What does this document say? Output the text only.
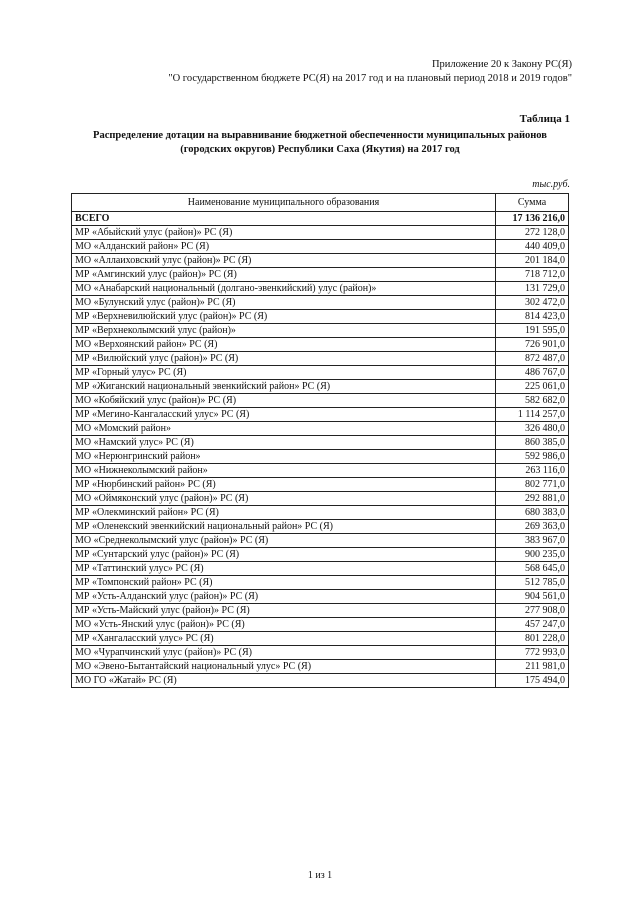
Приложение 20 к Закону РС(Я)
"О государственном бюджете РС(Я) на 2017 год и на плановый период 2018 и 2019 годов"
Таблица 1
Распределение дотации на выравнивание бюджетной обеспеченности муниципальных районов
(городских округов) Республики Саха (Якутия) на 2017 год
тыс.руб.
Наименование муниципального образования	Сумма
ВСЕГО	17 136 216,0
МР «Абыйский улус (район)» РС (Я)	272 128,0
МО «Алданский район» РС (Я)	440 409,0
МО «Аллаиховский улус (район)» РС (Я)	201 184,0
МР «Амгинский улус (район)» РС (Я)	718 712,0
МО «Анабарский национальный (долгано-эвенкийский) улус (район)»	131 729,0
МО «Булунский улус (район)» РС (Я)	302 472,0
МР «Верхневилюйский улус (район)» РС (Я)	814 423,0
МР «Верхнеколымский улус (район)»	191 595,0
МО «Верхоянский район» РС (Я)	726 901,0
МР «Вилюйский улус (район)» РС (Я)	872 487,0
МР «Горный улус» РС (Я)	486 767,0
МР «Жиганский национальный эвенкийский район» РС (Я)	225 061,0
МО «Кобяйский улус (район)» РС (Я)	582 682,0
МР «Мегино-Кангаласский улус» РС (Я)	1 114 257,0
МО «Момский район»	326 480,0
МО «Намский улус» РС (Я)	860 385,0
МО «Нерюнгринский район»	592 986,0
МО «Нижнеколымский район»	263 116,0
МР «Нюрбинский район» РС (Я)	802 771,0
МО «Оймяконский улус (район)» РС (Я)	292 881,0
МР «Олекминский район» РС (Я)	680 383,0
МР «Оленекский эвенкийский национальный район» РС (Я)	269 363,0
МО «Среднеколымский улус (район)» РС (Я)	383 967,0
МР «Сунтарский улус (район)» РС (Я)	900 235,0
МР «Таттинский улус» РС (Я)	568 645,0
МР «Томпонский район» РС (Я)	512 785,0
МР «Усть-Алданский улус (район)» РС (Я)	904 561,0
МР «Усть-Майский улус (район)» РС (Я)	277 908,0
МО «Усть-Янский улус (район)» РС (Я)	457 247,0
МР «Хангаласский улус» РС (Я)	801 228,0
МО «Чурапчинский улус (район)» РС (Я)	772 993,0
МО «Эвено-Бытантайский национальный улус» РС (Я)	211 981,0
МО ГО «Жатай» РС (Я)	175 494,0
1 из 1
